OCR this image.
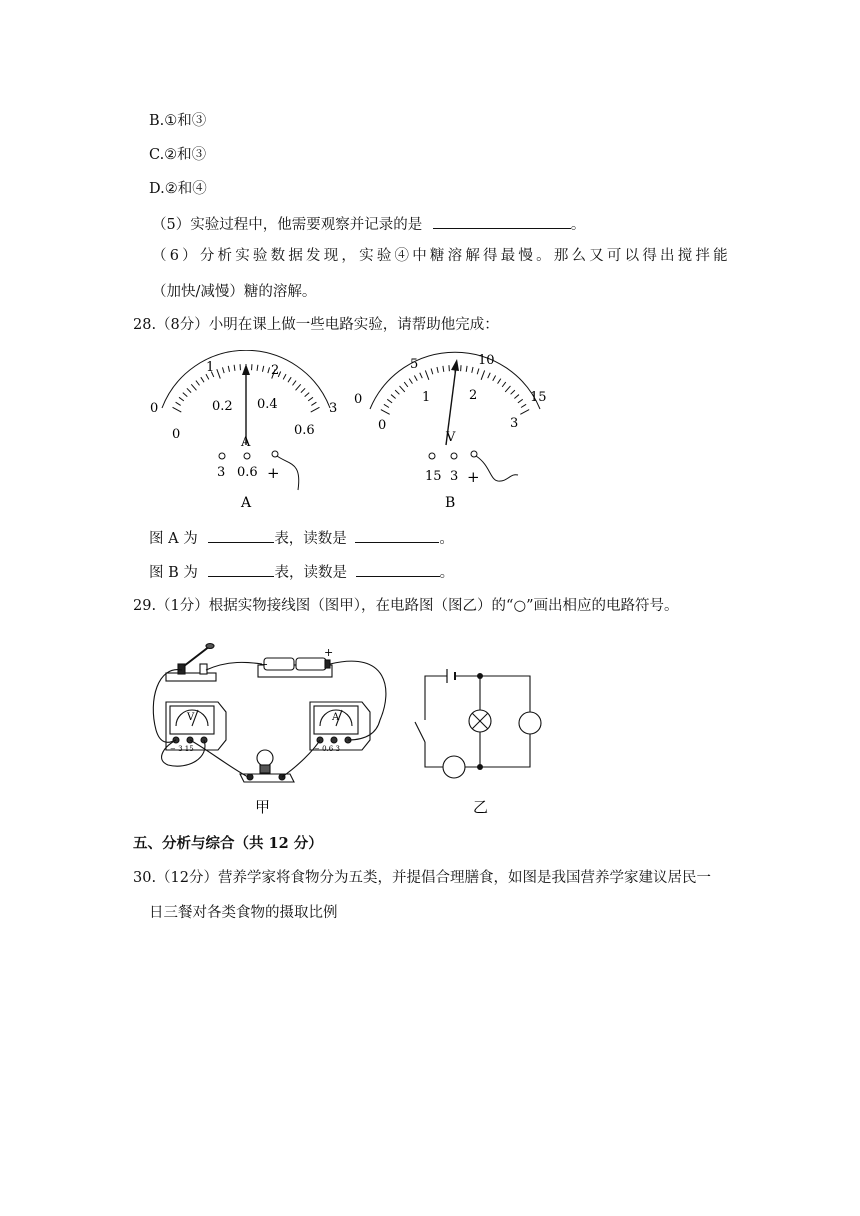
B.①和③
C.②和③
D.②和④
（5）实验过程中，他需要观察并记录的是	。
（6）分析实验数据发现，实验④中糖溶解得最慢。那么又可以得出搅拌能
（加快/减慢）糖的溶解。
28.（8分）小明在课上做一些电路实验，请帮助他完成：
0
1	2
3
0
0.2 0.4
0.6
A
3 0.6 +
A
0
5	10
15
0
1	2
3
V
15 3 +
B
图 A 为	表，读数是	。
图 B 为	表，读数是	。
29.（1分）根据实物接线图（图甲），在电路图（图乙）的“○”画出相应的电路符号。
−
+
V
− 3 15
A
− 0.6 3
甲	乙
五、分析与综合（共 12 分）
30.（12分）营养学家将食物分为五类，并提倡合理膳食，如图是我国营养学家建议居民一
日三餐对各类食物的摄取比例
